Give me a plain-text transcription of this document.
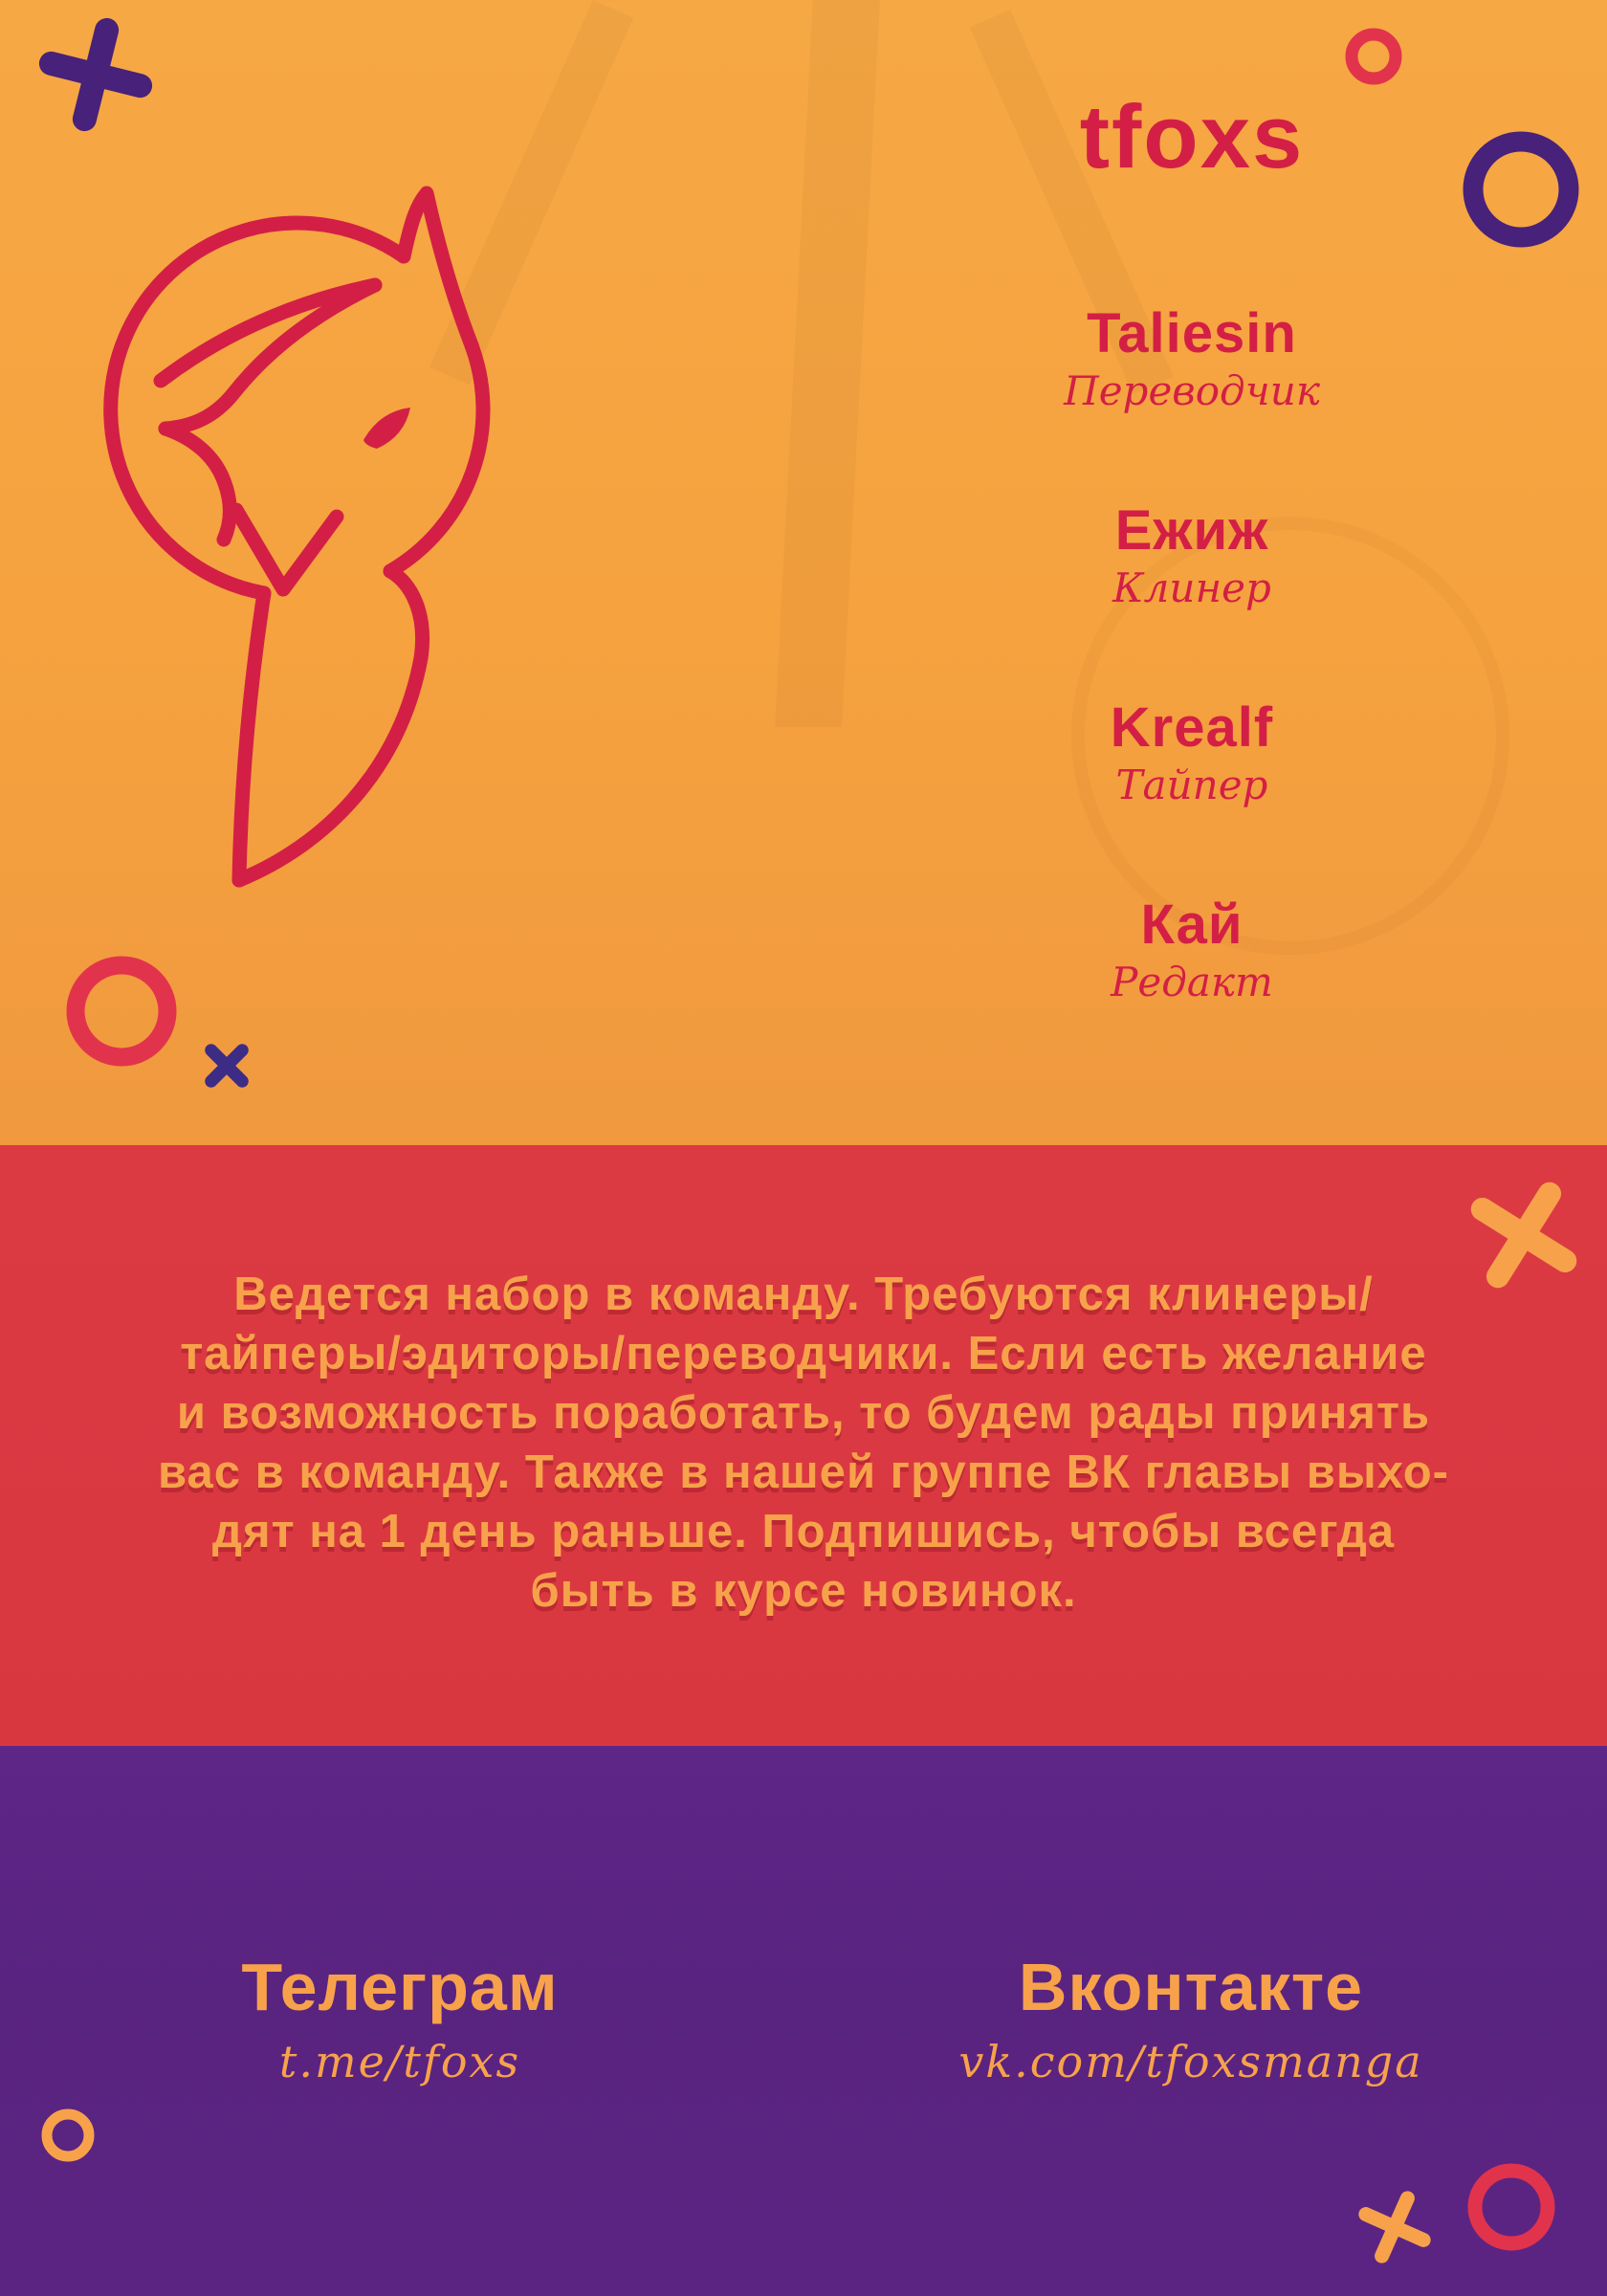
tfoxs
Taliesin
Переводчик
Ежиж
Клинер
Krealf
Тайпер
Кай
Редакт
Ведется набор в команду. Требуются клинеры/
тайперы/эдиторы/переводчики. Если есть желание
и возможность поработать, то будем рады принять
вас в команду. Также в нашей группе ВК главы выхо-
дят на 1 день раньше. Подпишись, чтобы всегда
быть в курсе новинок.
Телеграм
t.me/tfoxs
Вконтакте
vk.com/tfoxsmanga
